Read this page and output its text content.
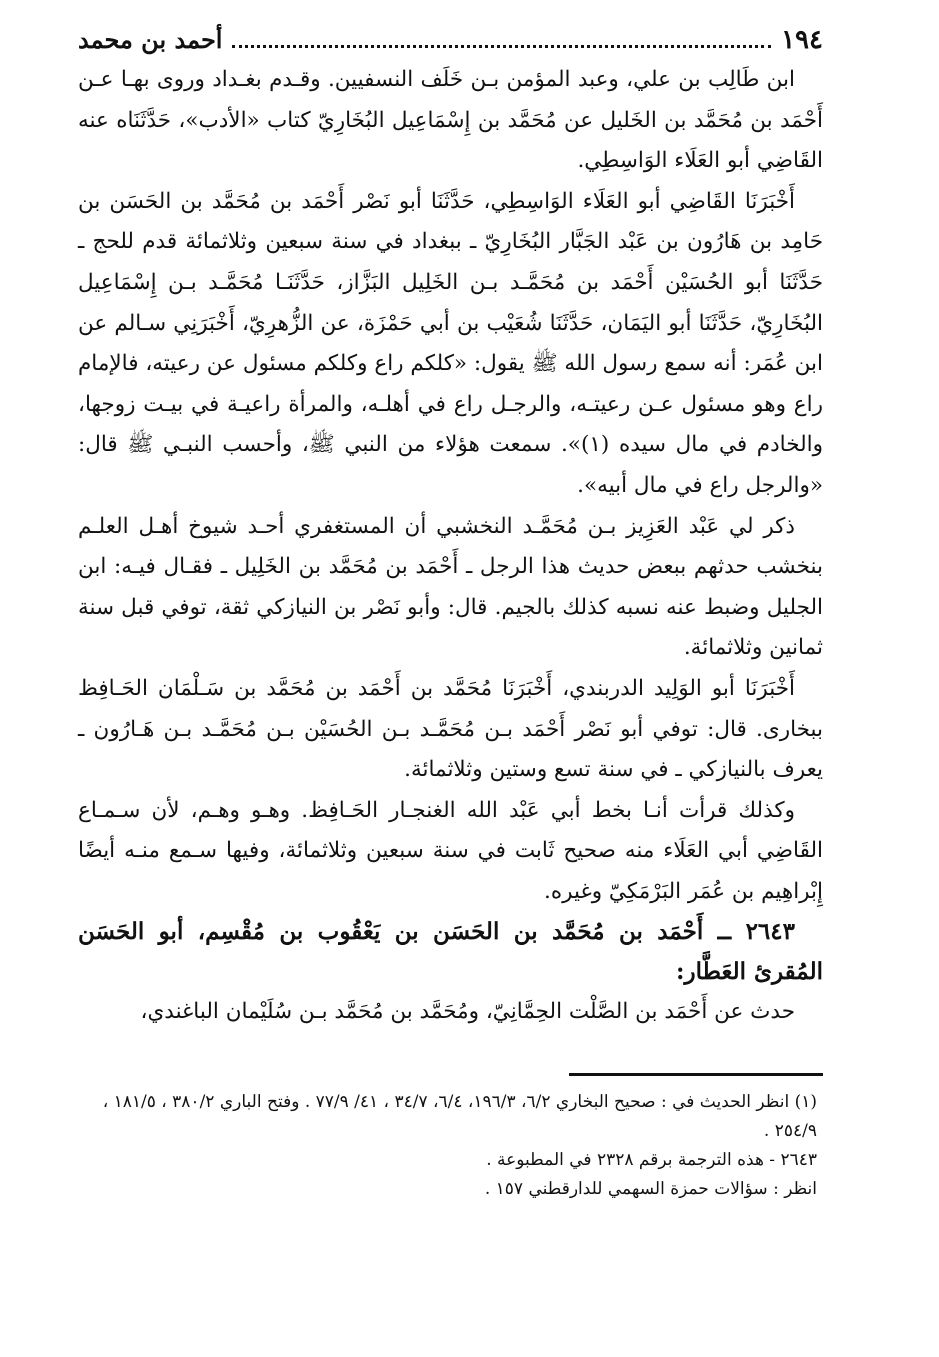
١٩٤
أحمد بن محمد

ابن طَالِب بن علي، وعبد المؤمن بـن خَلَف النسفيين. وقـدم بغـداد وروى بهـا عـن أَحْمَد بن مُحَمَّد بن الخَليل عن مُحَمَّد بن إِسْمَاعِيل البُخَارِيّ كتاب «الأدب»، حَدَّثَنَاه عنه القَاضِي أبو العَلَاء الوَاسِطِي.

أَخْبَرَنَا القَاضِي أبو العَلَاء الوَاسِطِي، حَدَّثَنَا أبو نَصْر أَحْمَد بن مُحَمَّد بن الحَسَن بن حَامِد بن هَارُون بن عَبْد الجَبَّار البُخَارِيّ ـ ببغداد في سنة سبعين وثلاثمائة قدم للحج ـ حَدَّثَنَا أبو الحُسَيْن أَحْمَد بن مُحَمَّـد بـن الخَلِيل البَزَّاز، حَدَّثَنَـا مُحَمَّـد بـن إِسْمَاعِيل البُخَارِيّ، حَدَّثَنَا أبو اليَمَان، حَدَّثَنَا شُعَيْب بن أبي حَمْزَة، عن الزُّهرِيّ، أَخْبَرَنِي سـالم عن ابن عُمَر: أنه سمع رسول الله ﷺ يقول: «كلكم راع وكلكم مسئول عن رعيته، فالإمام راع وهو مسئول عـن رعيتـه، والرجـل راع في أهلـه، والمرأة راعيـة في بيـت زوجها، والخادم في مال سيده (١)». سمعت هؤلاء من النبي ﷺ، وأحسب النبـي ﷺ قال: «والرجل راع في مال أبيه».

ذكر لي عَبْد العَزِيز بـن مُحَمَّـد النخشبي أن المستغفري أحـد شيوخ أهـل العلـم بنخشب حدثهم ببعض حديث هذا الرجل ـ أَحْمَد بن مُحَمَّد بن الخَلِيل ـ فقـال فيـه: ابن الجليل وضبط عنه نسبه كذلك بالجيم. قال: وأبو نَصْر بن النيازكي ثقة، توفي قبل سنة ثمانين وثلاثمائة.

أَخْبَرَنَا أبو الوَلِيد الدربندي، أَخْبَرَنَا مُحَمَّد بن أَحْمَد بن مُحَمَّد بن سَـلْمَان الحَـافِظ ببخارى. قال: توفي أبو نَصْر أَحْمَد بـن مُحَمَّـد بـن الحُسَيْن بـن مُحَمَّـد بـن هَـارُون ـ يعرف بالنيازكي ـ في سنة تسع وستين وثلاثمائة.

وكذلك قرأت أنـا بخط أبي عَبْد الله الغنجـار الحَـافِظ. وهـو وهـم، لأن سـمـاع القَاضِي أبي العَلَاء منه صحيح ثَابت في سنة سبعين وثلاثمائة، وفيها سـمع منـه أيضًا إِبْراهِيم بن عُمَر البَرْمَكِيّ وغيره.

٢٦٤٣ ــ أَحْمَد بن مُحَمَّد بن الحَسَن بن يَعْقُوب بن مُقْسِم، أبو الحَسَن المُقرئ العَطَّار:

حدث عن أَحْمَد بن الصَّلْت الحِمَّانِيّ، ومُحَمَّد بن مُحَمَّد بـن سُلَيْمان الباغندي،

(١) انظر الحديث في : صحيح البخاري ٦/٢، ١٩٦/٣، ٦/٤، ٣٤/٧ ، ٤١/ ٧٧/٩ . وفتح الباري ٣٨٠/٢ ، ١٨١/٥ ، ٢٥٤/٩ .
٢٦٤٣ - هذه الترجمة برقم ٢٣٢٨ في المطبوعة .
انظر : سؤالات حمزة السهمي للدارقطني ١٥٧ .
